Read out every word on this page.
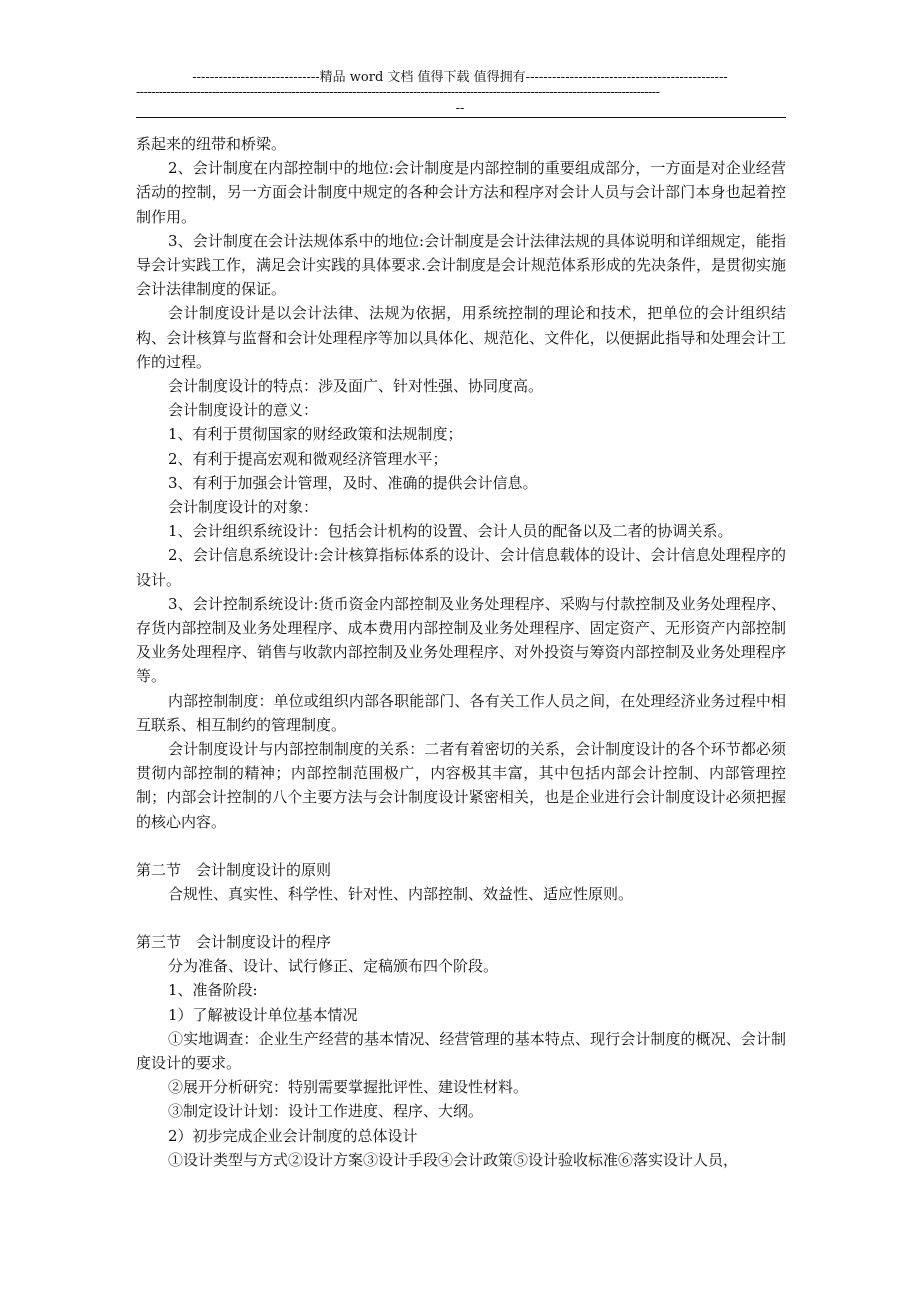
-----------------------------精品 word 文档 值得下载 值得拥有----------------------------------------------
------------------------------------------------------------------------------------------------------------------------------------------
--

系起来的纽带和桥梁。

2、会计制度在内部控制中的地位:会计制度是内部控制的重要组成部分，一方面是对企业经营活动的控制，另一方面会计制度中规定的各种会计方法和程序对会计人员与会计部门本身也起着控制作用。

3、会计制度在会计法规体系中的地位:会计制度是会计法律法规的具体说明和详细规定，能指导会计实践工作，满足会计实践的具体要求.会计制度是会计规范体系形成的先决条件，是贯彻实施会计法律制度的保证。

会计制度设计是以会计法律、法规为依据，用系统控制的理论和技术，把单位的会计组织结构、会计核算与监督和会计处理程序等加以具体化、规范化、文件化，以便据此指导和处理会计工作的过程。

会计制度设计的特点：涉及面广、针对性强、协同度高。

会计制度设计的意义：

1、有利于贯彻国家的财经政策和法规制度；

2、有利于提高宏观和微观经济管理水平；

3、有利于加强会计管理，及时、准确的提供会计信息。

会计制度设计的对象：

1、会计组织系统设计：包括会计机构的设置、会计人员的配备以及二者的协调关系。

2、会计信息系统设计:会计核算指标体系的设计、会计信息载体的设计、会计信息处理程序的设计。

3、会计控制系统设计:货币资金内部控制及业务处理程序、采购与付款控制及业务处理程序、存货内部控制及业务处理程序、成本费用内部控制及业务处理程序、固定资产、无形资产内部控制及业务处理程序、销售与收款内部控制及业务处理程序、对外投资与筹资内部控制及业务处理程序等。

内部控制制度：单位或组织内部各职能部门、各有关工作人员之间，在处理经济业务过程中相互联系、相互制约的管理制度。

会计制度设计与内部控制制度的关系：二者有着密切的关系，会计制度设计的各个环节都必须贯彻内部控制的精神；内部控制范围极广，内容极其丰富，其中包括内部会计控制、内部管理控制；内部会计控制的八个主要方法与会计制度设计紧密相关，也是企业进行会计制度设计必须把握的核心内容。

第二节　会计制度设计的原则

合规性、真实性、科学性、针对性、内部控制、效益性、适应性原则。

第三节　会计制度设计的程序

分为准备、设计、试行修正、定稿颁布四个阶段。

1、准备阶段:

1）了解被设计单位基本情况

①实地调查：企业生产经营的基本情况、经营管理的基本特点、现行会计制度的概况、会计制度设计的要求。

②展开分析研究：特别需要掌握批评性、建设性材料。

③制定设计计划：设计工作进度、程序、大纲。

2）初步完成企业会计制度的总体设计

①设计类型与方式②设计方案③设计手段④会计政策⑤设计验收标准⑥落实设计人员，
